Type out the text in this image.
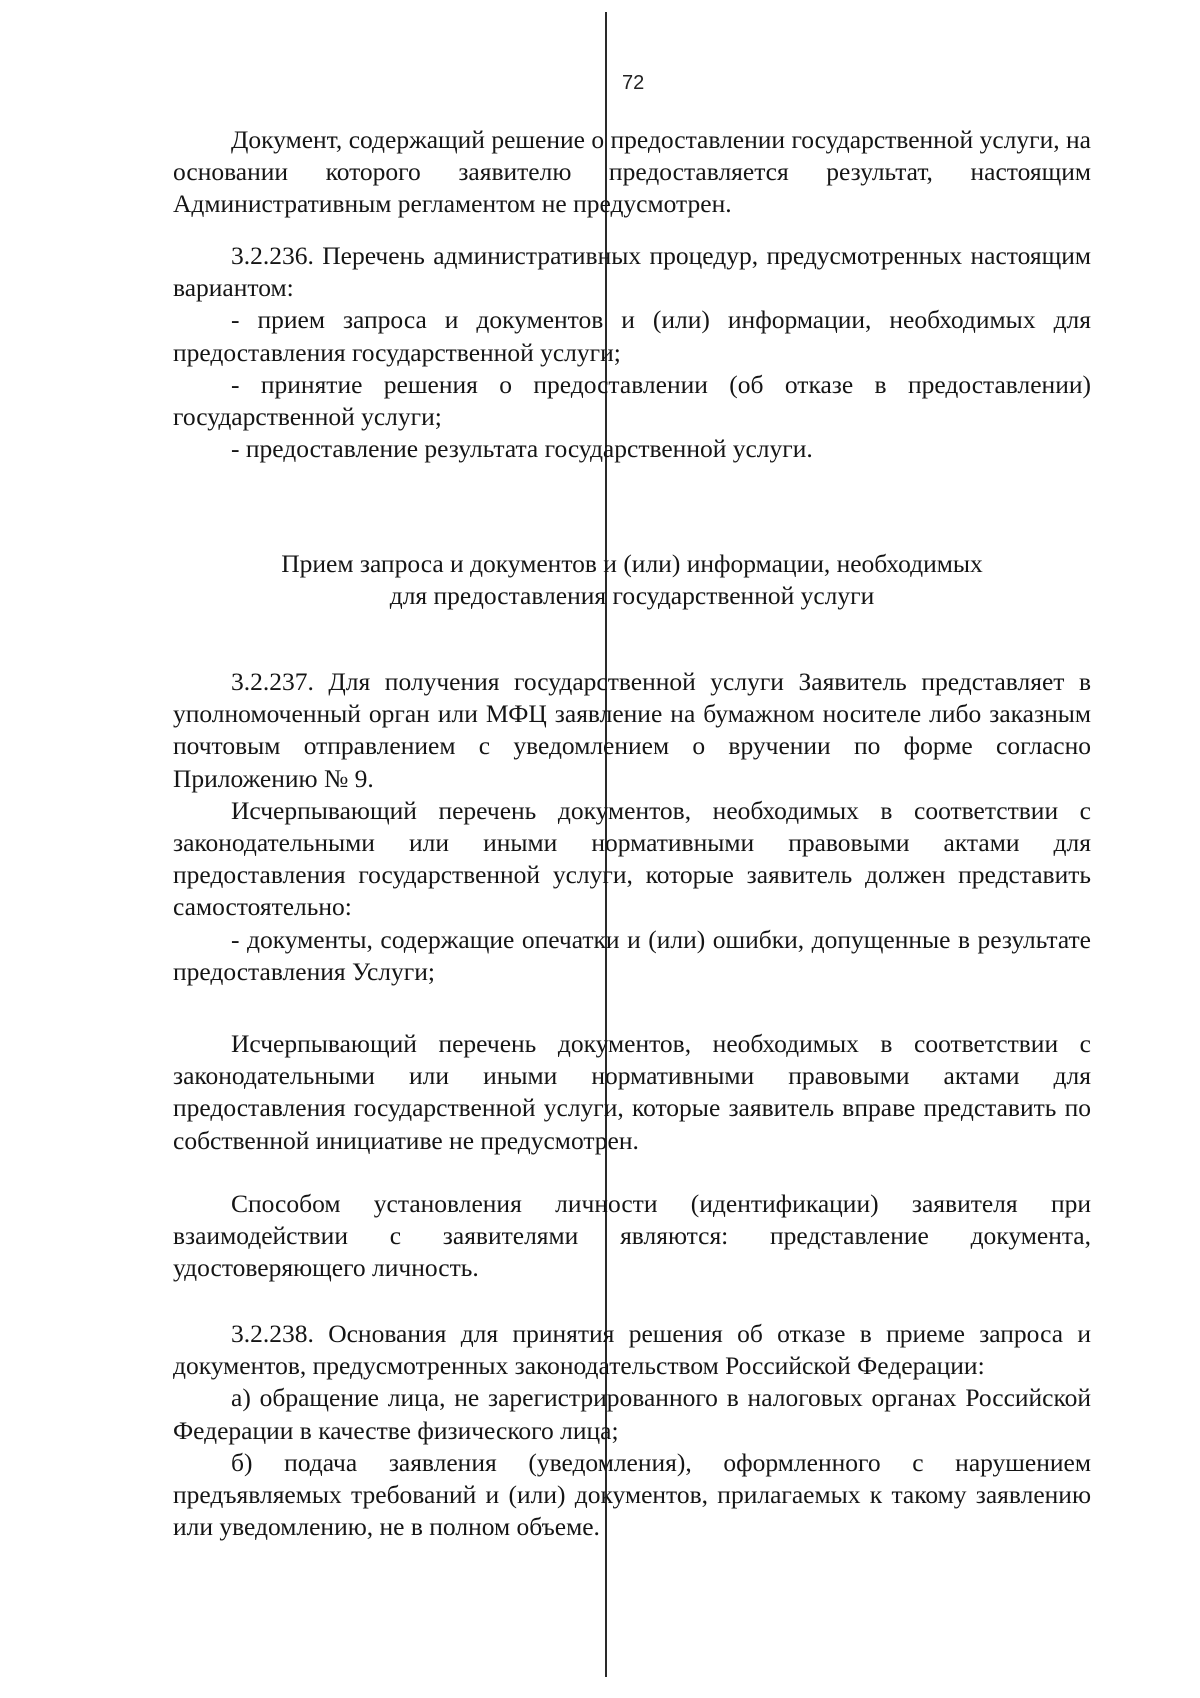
72

Документ, содержащий решение о предоставлении государственной услуги, на основании которого заявителю предоставляется результат, настоящим Административным регламентом не предусмотрен.

3.2.236. Перечень административных процедур, предусмотренных настоящим вариантом:

- прием запроса и документов и (или) информации, необходимых для предоставления государственной услуги;

- принятие решения о предоставлении (об отказе в предоставлении) государственной услуги;

- предоставление результата государственной услуги.

Прием запроса и документов и (или) информации, необходимых
для предоставления государственной услуги

3.2.237. Для получения государственной услуги Заявитель представляет в уполномоченный орган или МФЦ заявление на бумажном носителе либо заказным почтовым отправлением с уведомлением о вручении по форме согласно Приложению № 9.

Исчерпывающий перечень документов, необходимых в соответствии с законодательными или иными нормативными правовыми актами для предоставления государственной услуги, которые заявитель должен представить самостоятельно:

- документы, содержащие опечатки и (или) ошибки, допущенные в результате предоставления Услуги;

Исчерпывающий перечень документов, необходимых в соответствии с законодательными или иными нормативными правовыми актами для предоставления государственной услуги, которые заявитель вправе представить по собственной инициативе не предусмотрен.

Способом установления личности (идентификации) заявителя при взаимодействии с заявителями являются: представление документа, удостоверяющего личность.

3.2.238. Основания для принятия решения об отказе в приеме запроса и документов, предусмотренных законодательством Российской Федерации:

а) обращение лица, не зарегистрированного в налоговых органах Российской Федерации в качестве физического лица;

б) подача заявления (уведомления), оформленного с нарушением предъявляемых требований и (или) документов, прилагаемых к такому заявлению или уведомлению, не в полном объеме.
